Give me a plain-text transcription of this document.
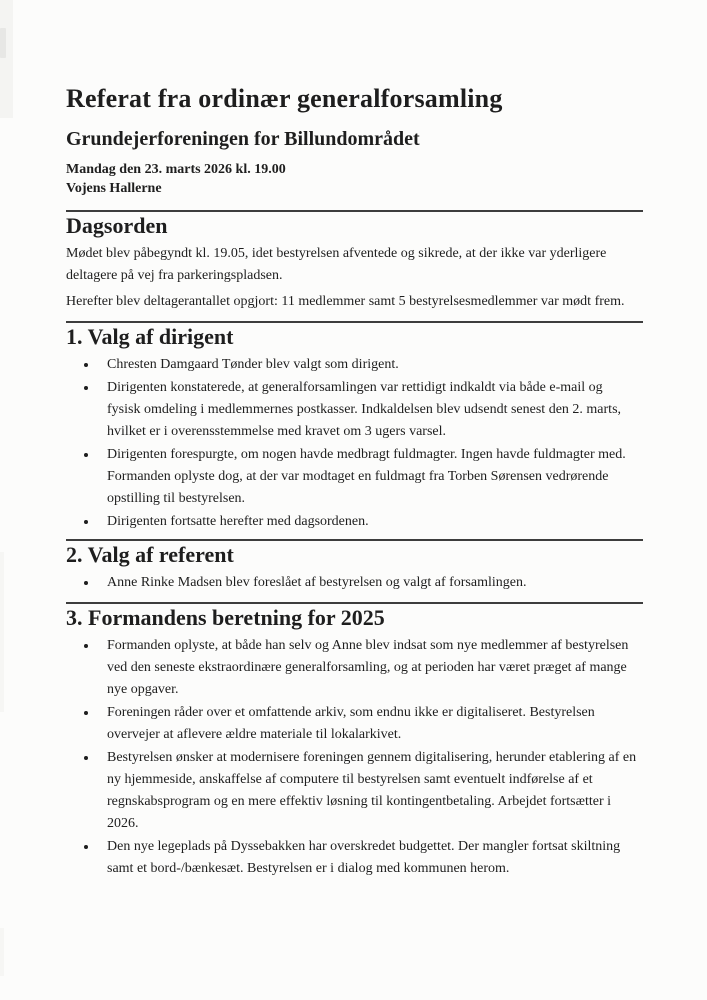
Referat fra ordinær generalforsamling
Grundejerforeningen for Billundområdet

Mandag den 23. marts 2026 kl. 19.00

Vojens Hallerne

Dagsorden

Mødet blev påbegyndt kl. 19.05, idet bestyrelsen afventede og sikrede, at der ikke var yderligere deltagere på vej fra parkeringspladsen.

Herefter blev deltagerantallet opgjort: 11 medlemmer samt 5 bestyrelsesmedlemmer var mødt frem.

1. Valg af dirigent
• Chresten Damgaard Tønder blev valgt som dirigent.
• Dirigenten konstaterede, at generalforsamlingen var rettidigt indkaldt via både e-mail og fysisk omdeling i medlemmernes postkasser. Indkaldelsen blev udsendt senest den 2. marts, hvilket er i overensstemmelse med kravet om 3 ugers varsel.
• Dirigenten forespurgte, om nogen havde medbragt fuldmagter. Ingen havde fuldmagter med. Formanden oplyste dog, at der var modtaget en fuldmagt fra Torben Sørensen vedrørende opstilling til bestyrelsen.
• Dirigenten fortsatte herefter med dagsordenen.
2. Valg af referent
• Anne Rinke Madsen blev foreslået af bestyrelsen og valgt af forsamlingen.
3. Formandens beretning for 2025
• Formanden oplyste, at både han selv og Anne blev indsat som nye medlemmer af bestyrelsen ved den seneste ekstraordinære generalforsamling, og at perioden har været præget af mange nye opgaver.
• Foreningen råder over et omfattende arkiv, som endnu ikke er digitaliseret. Bestyrelsen overvejer at aflevere ældre materiale til lokalarkivet.
• Bestyrelsen ønsker at modernisere foreningen gennem digitalisering, herunder etablering af en ny hjemmeside, anskaffelse af computere til bestyrelsen samt eventuelt indførelse af et regnskabsprogram og en mere effektiv løsning til kontingentbetaling. Arbejdet fortsætter i 2026.
• Den nye legeplads på Dyssebakken har overskredet budgettet. Der mangler fortsat skiltning samt et bord-/bænkesæt. Bestyrelsen er i dialog med kommunen herom.
